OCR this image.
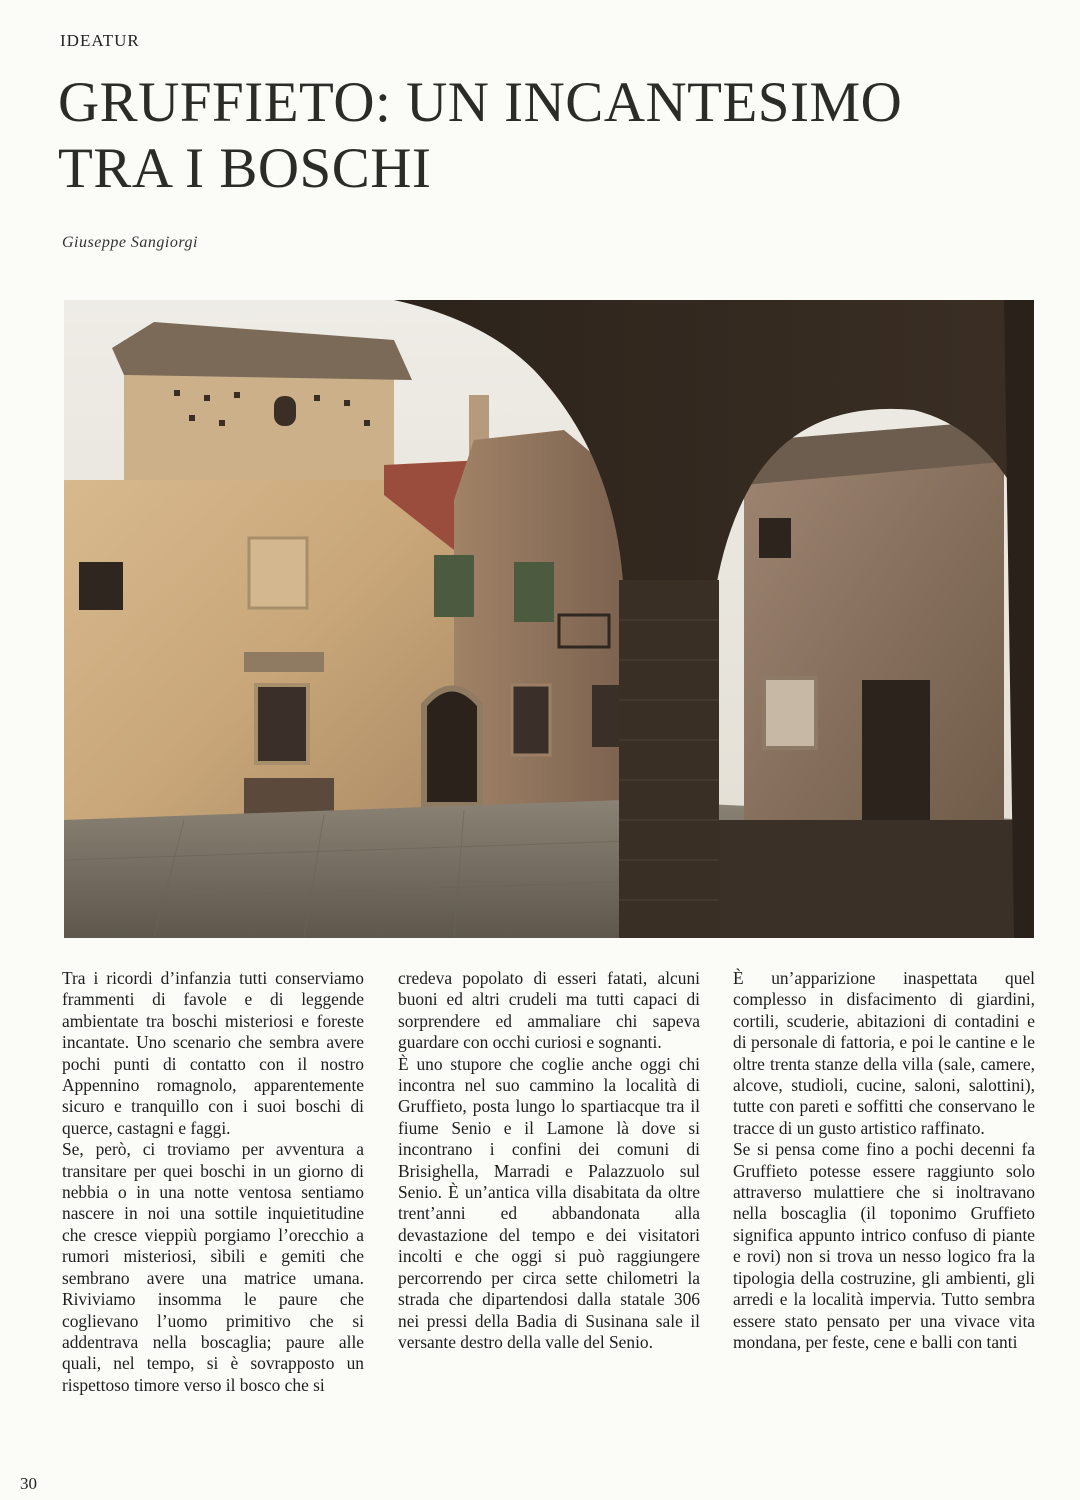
IDEATUR
GRUFFIETO: UN INCANTESIMO
TRA I BOSCHI
Giuseppe Sangiorgi

Tra i ricordi d’infanzia tutti conserviamo frammenti di favole e di leggende ambientate tra boschi misteriosi e foreste incantate. Uno scenario che sembra avere pochi punti di contatto con il nostro Appennino romagnolo, apparentemente sicuro e tranquillo con i suoi boschi di querce, castagni e faggi.

Se, però, ci troviamo per avventura a transitare per quei boschi in un giorno di nebbia o in una notte ventosa sentiamo nascere in noi una sottile inquietitudine che cresce vieppiù porgiamo l’orecchio a rumori misteriosi, sìbili e gemiti che sembrano avere una matrice umana. Riviviamo insomma le paure che coglievano l’uomo primitivo che si addentrava nella boscaglia; paure alle quali, nel tempo, si è sovrapposto un rispettoso timore verso il bosco che si

credeva popolato di esseri fatati, alcuni buoni ed altri crudeli ma tutti capaci di sorprendere ed ammaliare chi sapeva guardare con occhi curiosi e sognanti.

È uno stupore che coglie anche oggi chi incontra nel suo cammino la località di Gruffieto, posta lungo lo spartiacque tra il fiume Senio e il Lamone là dove si incontrano i confini dei comuni di Brisighella, Marradi e Palazzuolo sul Senio. È un’antica villa disabitata da oltre trent’anni ed abbandonata alla devastazione del tempo e dei visitatori incolti e che oggi si può raggiungere percorrendo per circa sette chilometri la strada che dipartendosi dalla statale 306 nei pressi della Badia di Susinana sale il versante destro della valle del Senio.

È un’apparizione inaspettata quel complesso in disfacimento di giardini, cortili, scuderie, abitazioni di contadini e di personale di fattoria, e poi le cantine e le oltre trenta stanze della villa (sale, camere, alcove, studioli, cucine, saloni, salottini), tutte con pareti e soffitti che conservano le tracce di un gusto artistico raffinato.

Se si pensa come fino a pochi decenni fa Gruffieto potesse essere raggiunto solo attraverso mulattiere che si inoltravano nella boscaglia (il toponimo Gruffieto significa appunto intrico confuso di piante e rovi) non si trova un nesso logico fra la tipologia della costruzine, gli ambienti, gli arredi e la località impervia. Tutto sembra essere stato pensato per una vivace vita mondana, per feste, cene e balli con tanti

30
